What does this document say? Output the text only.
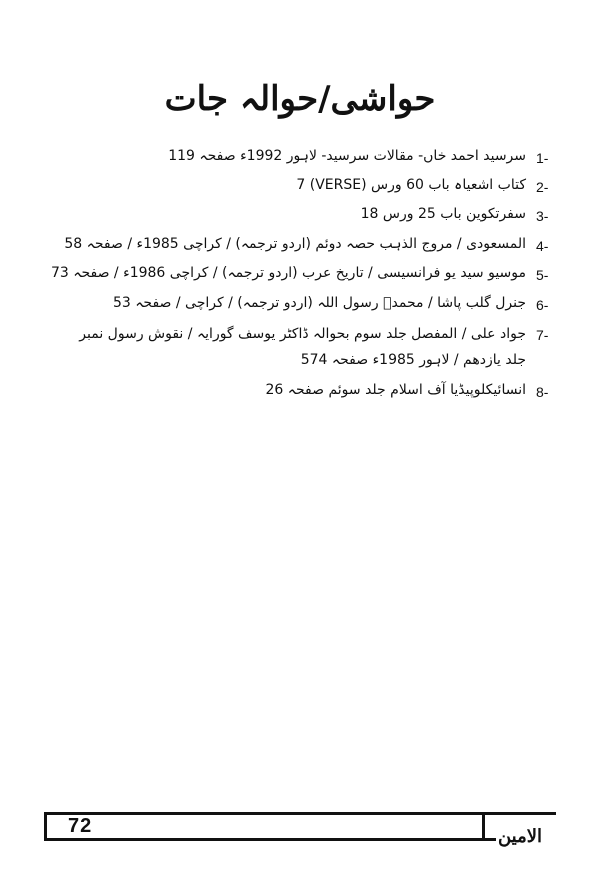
حواشی/حوالہ جات
1-
سرسید احمد خاں- مقالات سرسید- لاہور 1992ء صفحہ 119
2-
کتاب اشعیاہ باب 60 ورس (VERSE) 7
3-
سفرتکوین باب 25 ورس 18
4-
المسعودی / مروج الذہب حصہ دوئم (اردو ترجمہ) / کراچی 1985ء / صفحہ 58
5-
موسیو سید یو فرانسیسی / تاریخ عرب (اردو ترجمہ) / کراچی 1986ء / صفحہ 73
6-
جنرل گلب پاشا / محمدؐ رسول اللہ (اردو ترجمہ) / کراچی / صفحہ 53
7-
جواد علی / المفصل جلد سوم بحوالہ ڈاکٹر یوسف گورایہ / نقوش رسول نمبر جلد یازدھم / لاہور 1985ء صفحہ 574
8-
انسائیکلوپیڈیا آف اسلام جلد سوئم صفحہ 26
72	الامین
